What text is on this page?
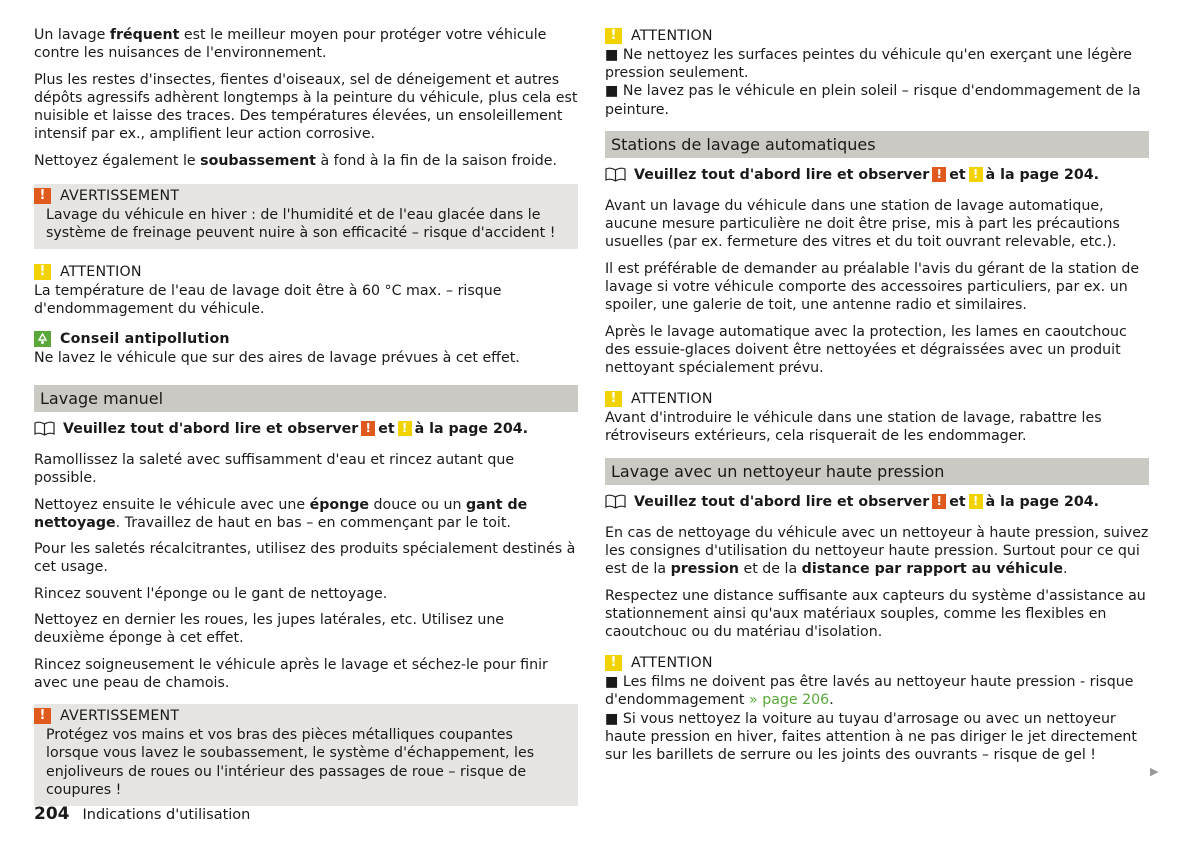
Un lavage fréquent est le meilleur moyen pour protéger votre véhicule contre les nuisances de l'environnement.

Plus les restes d'insectes, fientes d'oiseaux, sel de déneigement et autres dépôts agressifs adhèrent longtemps à la peinture du véhicule, plus cela est nuisible et laisse des traces. Des températures élevées, un ensoleillement intensif par ex., amplifient leur action corrosive.

Nettoyez également le soubassement à fond à la fin de la saison froide.

!	AVERTISSEMENT
Lavage du véhicule en hiver : de l'humidité et de l'eau glacée dans le système de freinage peuvent nuire à son efficacité – risque d'accident !
!	ATTENTION
La température de l'eau de lavage doit être à 60 °C max. – risque d'endommagement du véhicule.
Conseil antipollution
Ne lavez le véhicule que sur des aires de lavage prévues à cet effet.
Lavage manuel
Veuillez tout d'abord lire et observer ! et ! à la page 204.

Ramollissez la saleté avec suffisamment d'eau et rincez autant que possible.

Nettoyez ensuite le véhicule avec une éponge douce ou un gant de nettoyage. Travaillez de haut en bas – en commençant par le toit.

Pour les saletés récalcitrantes, utilisez des produits spécialement destinés à cet usage.

Rincez souvent l'éponge ou le gant de nettoyage.

Nettoyez en dernier les roues, les jupes latérales, etc. Utilisez une deuxième éponge à cet effet.

Rincez soigneusement le véhicule après le lavage et séchez-le pour finir avec une peau de chamois.

!	AVERTISSEMENT
Protégez vos mains et vos bras des pièces métalliques coupantes lorsque vous lavez le soubassement, le système d'échappement, les enjoliveurs de roues ou l'intérieur des passages de roue – risque de coupures !
!	ATTENTION
■ Ne nettoyez les surfaces peintes du véhicule qu'en exerçant une légère pression seulement.
■ Ne lavez pas le véhicule en plein soleil – risque d'endommagement de la peinture.
Stations de lavage automatiques
Veuillez tout d'abord lire et observer ! et ! à la page 204.

Avant un lavage du véhicule dans une station de lavage automatique, aucune mesure particulière ne doit être prise, mis à part les précautions usuelles (par ex. fermeture des vitres et du toit ouvrant relevable, etc.).

Il est préférable de demander au préalable l'avis du gérant de la station de lavage si votre véhicule comporte des accessoires particuliers, par ex. un spoiler, une galerie de toit, une antenne radio et similaires.

Après le lavage automatique avec la protection, les lames en caoutchouc des essuie-glaces doivent être nettoyées et dégraissées avec un produit nettoyant spécialement prévu.

!	ATTENTION
Avant d'introduire le véhicule dans une station de lavage, rabattre les rétroviseurs extérieurs, cela risquerait de les endommager.
Lavage avec un nettoyeur haute pression
Veuillez tout d'abord lire et observer ! et ! à la page 204.

En cas de nettoyage du véhicule avec un nettoyeur à haute pression, suivez les consignes d'utilisation du nettoyeur haute pression. Surtout pour ce qui est de la pression et de la distance par rapport au véhicule.

Respectez une distance suffisante aux capteurs du système d'assistance au stationnement ainsi qu'aux matériaux souples, comme les flexibles en caoutchouc ou du matériau d'isolation.

!	ATTENTION
■ Les films ne doivent pas être lavés au nettoyeur haute pression - risque d'endommagement » page 206.
■ Si vous nettoyez la voiture au tuyau d'arrosage ou avec un nettoyeur haute pression en hiver, faites attention à ne pas diriger le jet directement sur les barillets de serrure ou les joints des ouvrants – risque de gel !
▶
204 Indications d'utilisation
